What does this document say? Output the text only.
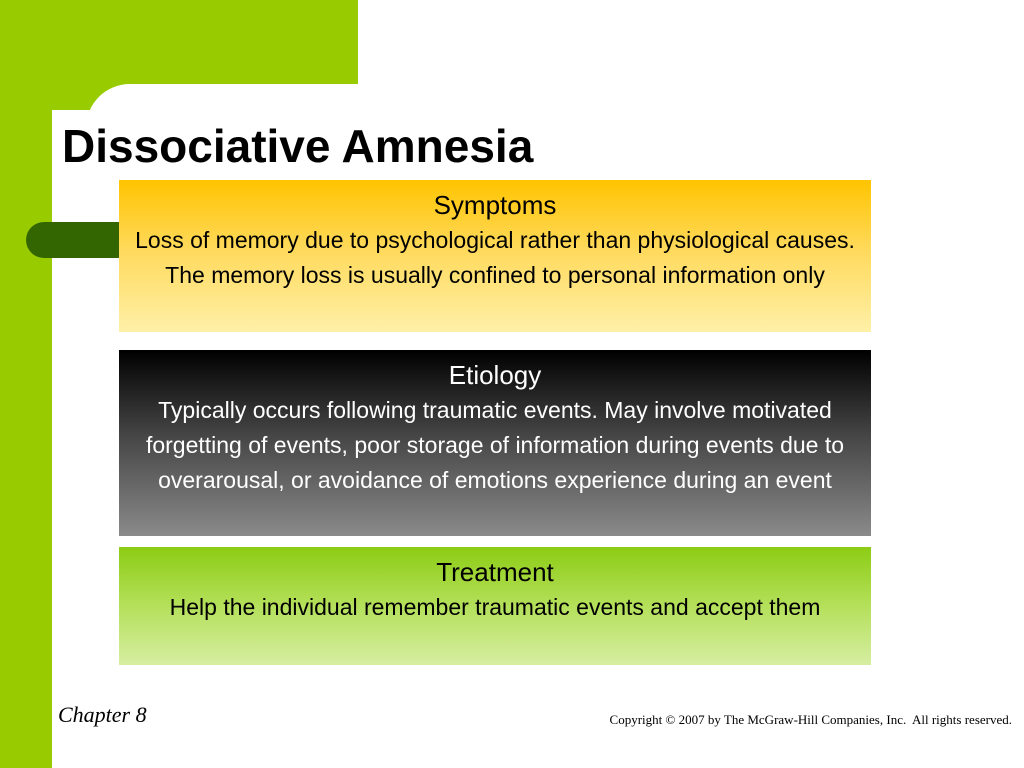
Dissociative Amnesia
Symptoms
Loss of memory due to psychological rather than physiological causes. The memory loss is usually confined to personal information only
Etiology
Typically occurs following traumatic events. May involve motivated forgetting of events, poor storage of information during events due to overarousal, or avoidance of emotions experience during an event
Treatment
Help the individual remember traumatic events and accept them
Chapter 8	Copyright © 2007 by The McGraw-Hill Companies, Inc.  All rights reserved.
